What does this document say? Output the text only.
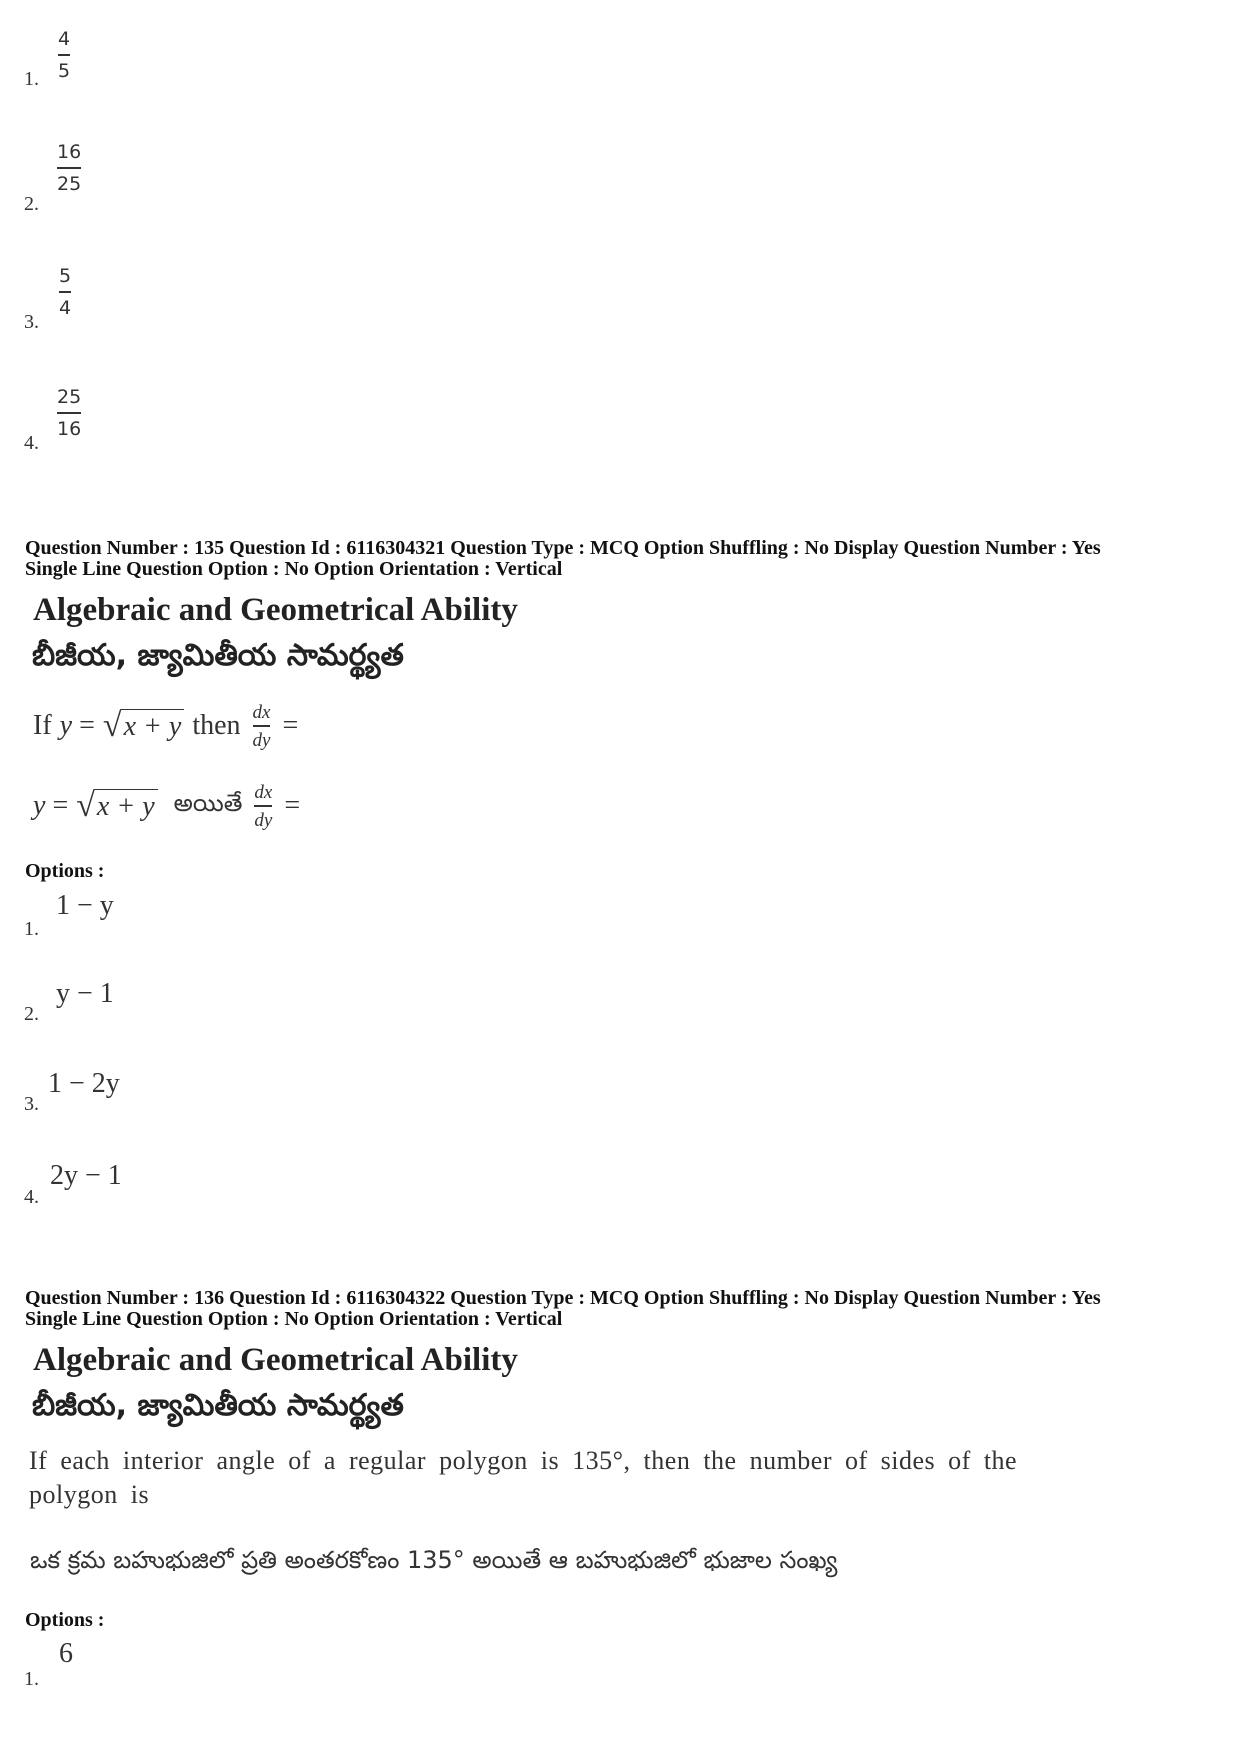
1.
4
5
2.
16
25
3.
5
4
4.
25
16
Question Number : 135 Question Id : 6116304321 Question Type : MCQ Option Shuffling : No Display Question Number : Yes
Single Line Question Option : No Option Orientation : Vertical
Algebraic and Geometrical Ability
బీజీయ, జ్యామితీయ సామర్థ్యత
If y = √ x + y then dx
dy =
y = √ x + y అయితే dx
dy =
Options :
1.
1 − y
2.
y − 1
3.
1 − 2y
4.
2y − 1
Question Number : 136 Question Id : 6116304322 Question Type : MCQ Option Shuffling : No Display Question Number : Yes
Single Line Question Option : No Option Orientation : Vertical
Algebraic and Geometrical Ability
బీజీయ, జ్యామితీయ సామర్థ్యత
If each interior angle of a regular polygon is 135°, then the number of sides of the
polygon is
ఒక క్రమ బహుభుజిలో ప్రతి అంతరకోణం 135° అయితే ఆ బహుభుజిలో భుజాల సంఖ్య
Options :
1.
6
